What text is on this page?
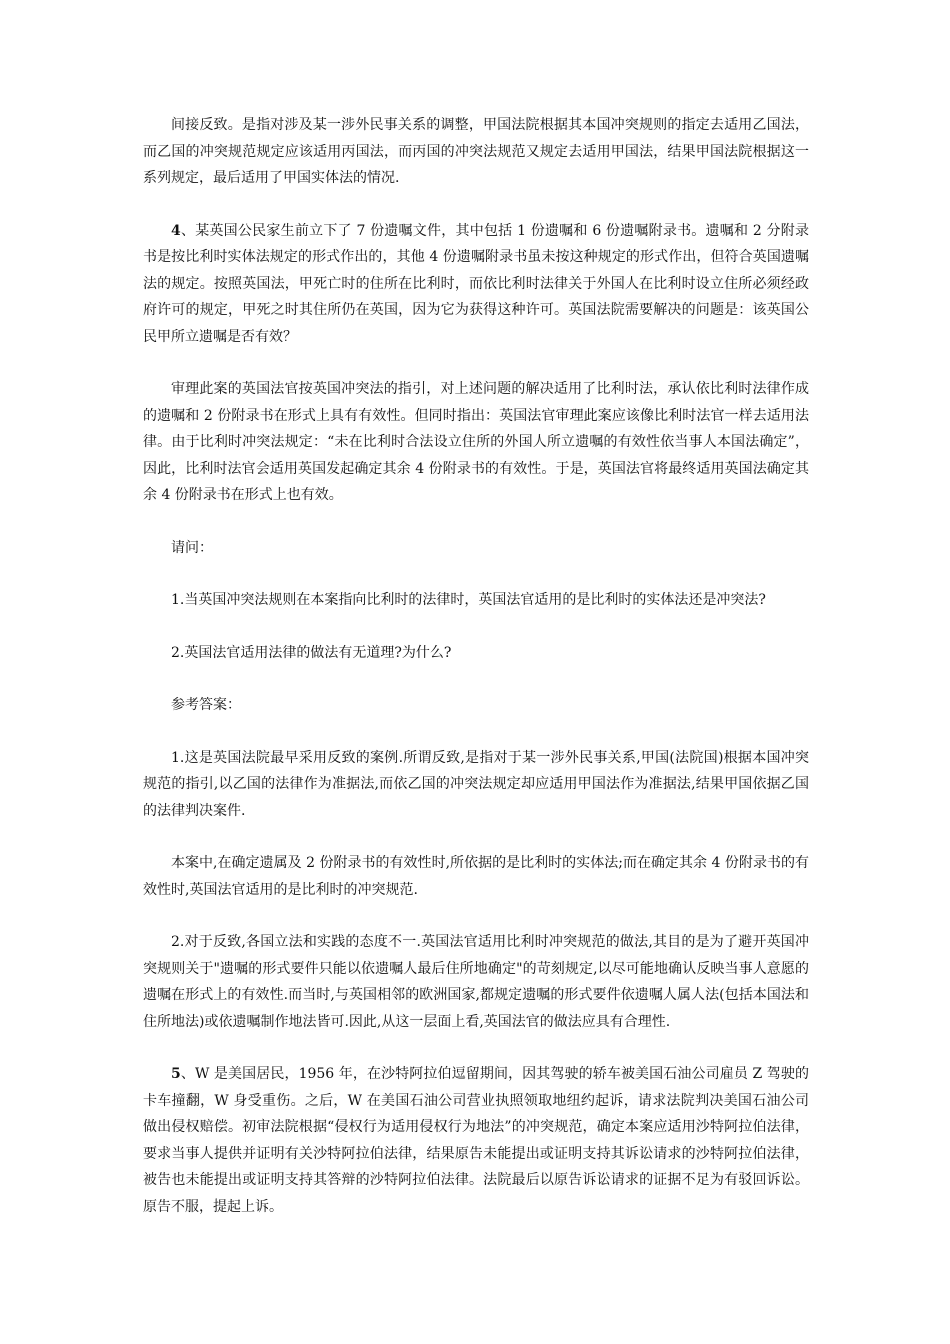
间接反致。是指对涉及某一涉外民事关系的调整，甲国法院根据其本国冲突规则的指定去适用乙国法，而乙国的冲突规范规定应该适用丙国法，而丙国的冲突法规范又规定去适用甲国法，结果甲国法院根据这一系列规定，最后适用了甲国实体法的情况.

4、某英国公民家生前立下了 7 份遗嘱文件，其中包括 1 份遗嘱和 6 份遗嘱附录书。遗嘱和 2 分附录书是按比利时实体法规定的形式作出的，其他 4 份遗嘱附录书虽未按这种规定的形式作出，但符合英国遗嘱法的规定。按照英国法，甲死亡时的住所在比利时，而依比利时法律关于外国人在比利时设立住所必须经政府许可的规定，甲死之时其住所仍在英国，因为它为获得这种许可。英国法院需要解决的问题是：该英国公民甲所立遗嘱是否有效？

审理此案的英国法官按英国冲突法的指引，对上述问题的解决适用了比利时法，承认依比利时法律作成的遗嘱和 2 份附录书在形式上具有有效性。但同时指出：英国法官审理此案应该像比利时法官一样去适用法律。由于比利时冲突法规定：“未在比利时合法设立住所的外国人所立遗嘱的有效性依当事人本国法确定”，因此，比利时法官会适用英国发起确定其余 4 份附录书的有效性。于是，英国法官将最终适用英国法确定其余 4 份附录书在形式上也有效。

请问：

1.当英国冲突法规则在本案指向比利时的法律时，英国法官适用的是比利时的实体法还是冲突法?

2.英国法官适用法律的做法有无道理?为什么?

参考答案：

1.这是英国法院最早采用反致的案例.所谓反致,是指对于某一涉外民事关系,甲国(法院国)根据本国冲突规范的指引,以乙国的法律作为准据法,而依乙国的冲突法规定却应适用甲国法作为准据法,结果甲国依据乙国的法律判决案件.

本案中,在确定遗属及 2 份附录书的有效性时,所依据的是比利时的实体法;而在确定其余 4 份附录书的有效性时,英国法官适用的是比利时的冲突规范.

2.对于反致,各国立法和实践的态度不一.英国法官适用比利时冲突规范的做法,其目的是为了避开英国冲突规则关于"遗嘱的形式要件只能以依遗嘱人最后住所地确定"的苛刻规定,以尽可能地确认反映当事人意愿的遗嘱在形式上的有效性.而当时,与英国相邻的欧洲国家,都规定遗嘱的形式要件依遗嘱人属人法(包括本国法和住所地法)或依遗嘱制作地法皆可.因此,从这一层面上看,英国法官的做法应具有合理性.

5、W 是美国居民，1956 年，在沙特阿拉伯逗留期间，因其驾驶的轿车被美国石油公司雇员 Z 驾驶的卡车撞翻，W 身受重伤。之后，W 在美国石油公司营业执照领取地纽约起诉，请求法院判决美国石油公司做出侵权赔偿。初审法院根据“侵权行为适用侵权行为地法”的冲突规范，确定本案应适用沙特阿拉伯法律，要求当事人提供并证明有关沙特阿拉伯法律，结果原告未能提出或证明支持其诉讼请求的沙特阿拉伯法律，被告也未能提出或证明支持其答辩的沙特阿拉伯法律。法院最后以原告诉讼请求的证据不足为有驳回诉讼。原告不服，提起上诉。
